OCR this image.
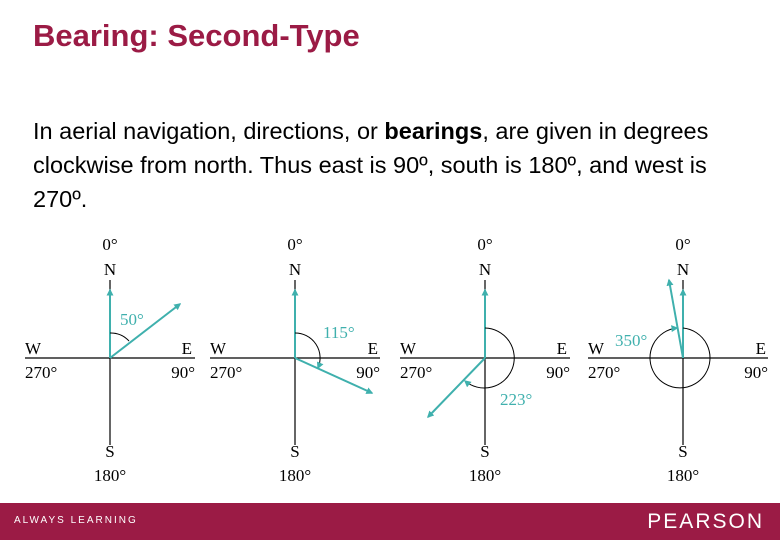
Bearing: Second-Type

In aerial navigation, directions, or bearings, are given in degrees clockwise from north. Thus east is 90º, south is 180º, and west is 270º.

0°
N
S
180°
W
270°
E
90°
50°
0°
N
S
180°
W
270°
E
90°
115°
0°
N
S
180°
W
270°
E
90°
223°
0°
N
S
180°
W
270°
E
90°
350°
ALWAYS LEARNING	PEARSON
